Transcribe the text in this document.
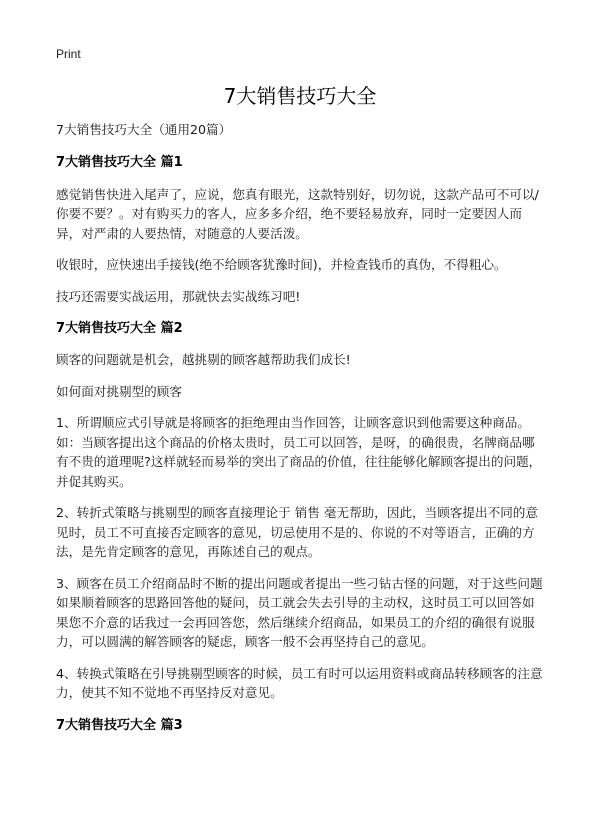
Print
7大销售技巧大全

7大销售技巧大全（通用20篇）

7大销售技巧大全 篇1

感觉销售快进入尾声了，应说，您真有眼光，这款特别好，切勿说，这款产品可不可以/你要不要？。对有购买力的客人，应多多介绍，绝不要轻易放弃，同时一定要因人而异，对严肃的人要热情，对随意的人要活泼。

收银时，应快速出手接钱(绝不给顾客犹豫时间)，并检查钱币的真伪，不得粗心。

技巧还需要实战运用，那就快去实战练习吧!

7大销售技巧大全 篇2

顾客的问题就是机会，越挑剔的顾客越帮助我们成长!

如何面对挑剔型的顾客

1、所谓顺应式引导就是将顾客的拒绝理由当作回答，让顾客意识到他需要这种商品。如：当顾客提出这个商品的价格太贵时，员工可以回答，是呀，的确很贵，名牌商品哪有不贵的道理呢?这样就轻而易举的突出了商品的价值，往往能够化解顾客提出的问题，并促其购买。

2、转折式策略与挑剔型的顾客直接理论于 销售 毫无帮助，因此，当顾客提出不同的意见时，员工不可直接否定顾客的意见，切忌使用不是的、你说的不对等语言，正确的方法，是先肯定顾客的意见，再陈述自己的观点。

3、顾客在员工介绍商品时不断的提出问题或者提出一些刁钻古怪的问题，对于这些问题如果顺着顾客的思路回答他的疑问，员工就会失去引导的主动权，这时员工可以回答如果您不介意的话我过一会再回答您，然后继续介绍商品，如果员工的介绍的确很有说服力，可以圆满的解答顾客的疑虑，顾客一般不会再坚持自己的意见。

4、转换式策略在引导挑剔型顾客的时候，员工有时可以运用资料或商品转移顾客的注意力，使其不知不觉地不再坚持反对意见。

7大销售技巧大全 篇3
